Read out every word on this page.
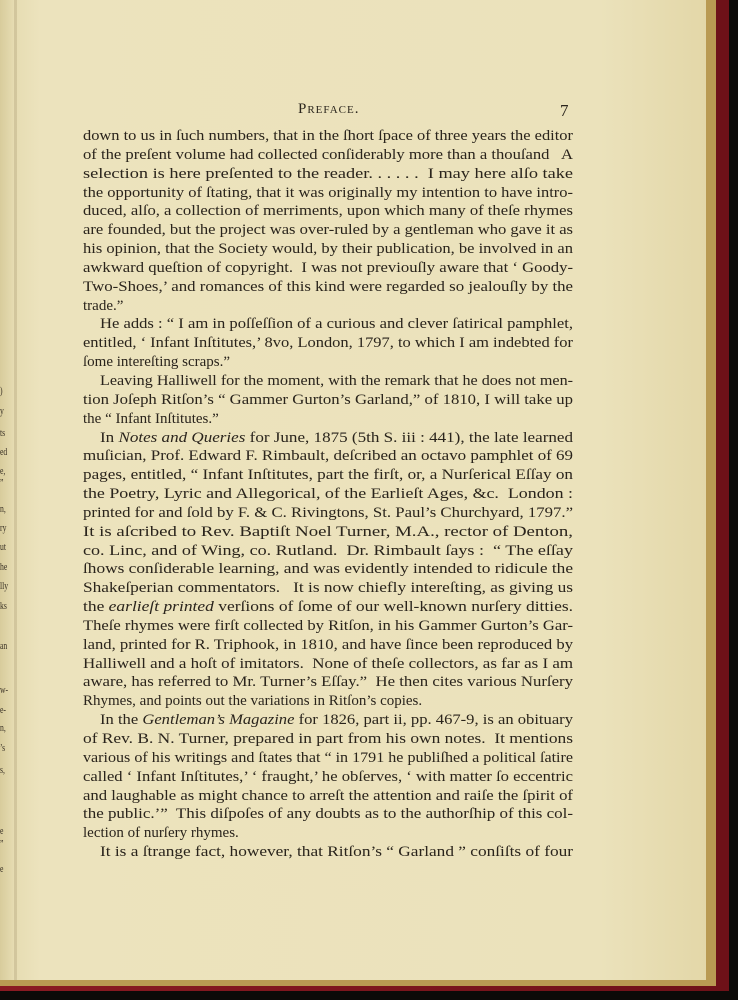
)
y
ts
ed
e,
”
n,
ry
ut
he
lly
ks
an
w-
e-
n,
’s
s,
e
”
e
Preface.	7
down to us in ſuch numbers, that in the ſhort ſpace of three years the editor
of the preſent volume had collected conſiderably more than a thouſand   A
selection is here preſented to the reader. . . . . .  I may here alſo take
the opportunity of ſtating, that it was originally my intention to have intro-
duced, alſo, a collection of merriments, upon which many of theſe rhymes
are founded, but the project was over-ruled by a gentleman who gave it as
his opinion, that the Society would, by their publication, be involved in an
awkward queſtion of copyright.  I was not previouſly aware that ‘ Goody-
Two-Shoes,’ and romances of this kind were regarded so jealouſly by the
trade.”
He adds : “ I am in poſſeſſion of a curious and clever ſatirical pamphlet,
entitled, ‘ Infant Inſtitutes,’ 8vo, London, 1797, to which I am indebted for
ſome intereſting scraps.”
Leaving Halliwell for the moment, with the remark that he does not men-
tion Joſeph Ritſon’s “ Gammer Gurton’s Garland,” of 1810, I will take up
the “ Infant Inſtitutes.”
In Notes and Queries for June, 1875 (5th S. iii : 441), the late learned
muſician, Prof. Edward F. Rimbault, deſcribed an octavo pamphlet of 69
pages, entitled, “ Infant Inſtitutes, part the firſt, or, a Nurſerical Eſſay on
the Poetry, Lyric and Allegorical, of the Earlieſt Ages, &c.  London :
printed for and ſold by F. & C. Rivingtons, St. Paul’s Churchyard, 1797.”
It is aſcribed to Rev. Baptiſt Noel Turner, M.A., rector of Denton,
co. Linc, and of Wing, co. Rutland.  Dr. Rimbault ſays :  “ The eſſay
ſhows conſiderable learning, and was evidently intended to ridicule the
Shakeſperian commentators.   It is now chiefly intereſting, as giving us
the earlieſt printed verſions of ſome of our well-known nurſery ditties.
Theſe rhymes were firſt collected by Ritſon, in his Gammer Gurton’s Gar-
land, printed for R. Triphook, in 1810, and have ſince been reproduced by
Halliwell and a hoſt of imitators.  None of theſe collectors, as far as I am
aware, has referred to Mr. Turner’s Eſſay.”  He then cites various Nurſery
Rhymes, and points out the variations in Ritſon’s copies.
In the Gentleman’s Magazine for 1826, part ii, pp. 467-9, is an obituary
of Rev. B. N. Turner, prepared in part from his own notes.  It mentions
various of his writings and ſtates that “ in 1791 he publiſhed a political ſatire
called ‘ Infant Inſtitutes,’ ‘ fraught,’ he obſerves, ‘ with matter ſo eccentric
and laughable as might chance to arreſt the attention and raiſe the ſpirit of
the public.’”  This diſpoſes of any doubts as to the authorſhip of this col-
lection of nurſery rhymes.
It is a ſtrange fact, however, that Ritſon’s “ Garland ” conſiſts of four
